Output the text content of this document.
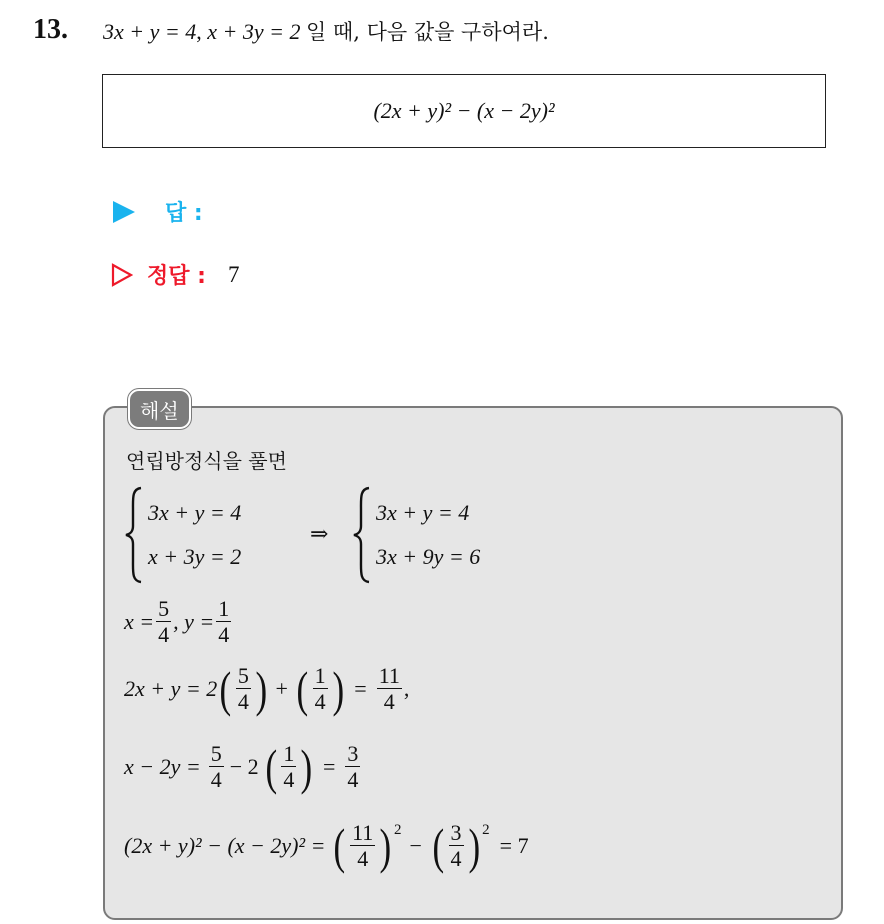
13. 3x + y = 4, x + 3y = 2 일 때, 다음 값을 구하여라.
(2x + y)² − (x − 2y)²
답 :
정답 : 7
해설
연립방정식을 풀면
3x + y = 4
x + 3y = 2
⇒
3x + y = 4
3x + 9y = 6
$x = \frac{5}{4}$ , $y = \frac{1}{4}$
2x + y = 2 ( $\frac{5}{4}$ ) + ( $\frac{1}{4}$ ) = $\frac{11}{4}$ ,
$x - 2y = \frac{5}{4} - 2$ ( $\frac{1}{4}$ ) = $\frac{3}{4}$
(2x + y)² − (x − 2y)² = ( $\frac{11}{4} )^2$
− ( $\frac{3}{4} )^2$
= 7
